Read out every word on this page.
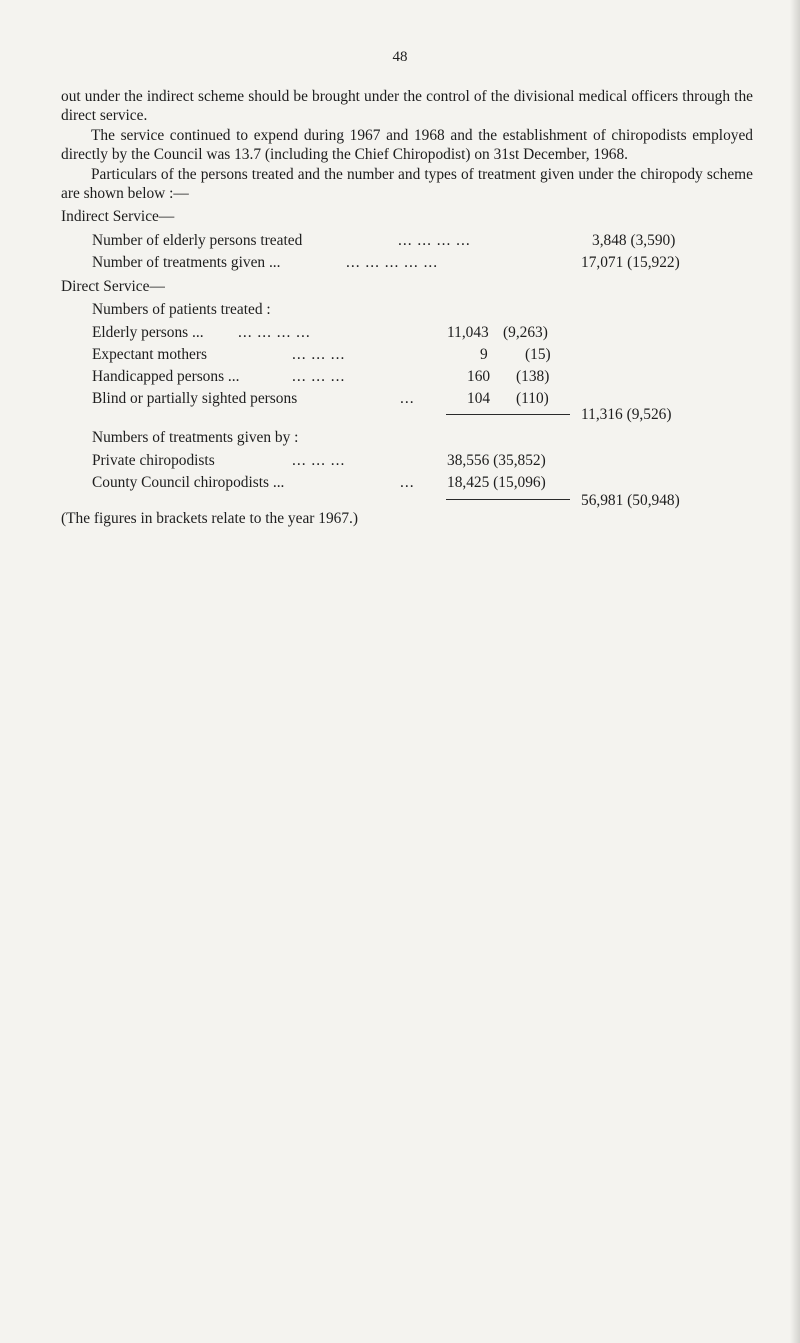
48
out under the indirect scheme should be brought under the control of the divisional medical officers through the direct service.
The service continued to expend during 1967 and 1968 and the establishment of chiropodists employed directly by the Council was 13.7 (including the Chief Chiropodist) on 31st December, 1968.
Particulars of the persons treated and the number and types of treatment given under the chiropody scheme are shown below :—
Indirect Service—
Number of elderly persons treated	... ... ... ...	3,848 (3,590)
Number of treatments given ...	... ... ... ... ...	17,071 (15,922)
Direct Service—
Numbers of patients treated :
Elderly persons ... ... ... ... ...	11,043 (9,263)
Expectant mothers	... ... ...	9 (15)
Handicapped persons ...	... ... ...	160 (138)
Blind or partially sighted persons	...	104 (110)
11,316 (9,526)
Numbers of treatments given by :
Private chiropodists	... ... ...	38,556 (35,852)
County Council chiropodists ...	... 18,425 (15,096)
56,981 (50,948)
(The figures in brackets relate to the year 1967.)
